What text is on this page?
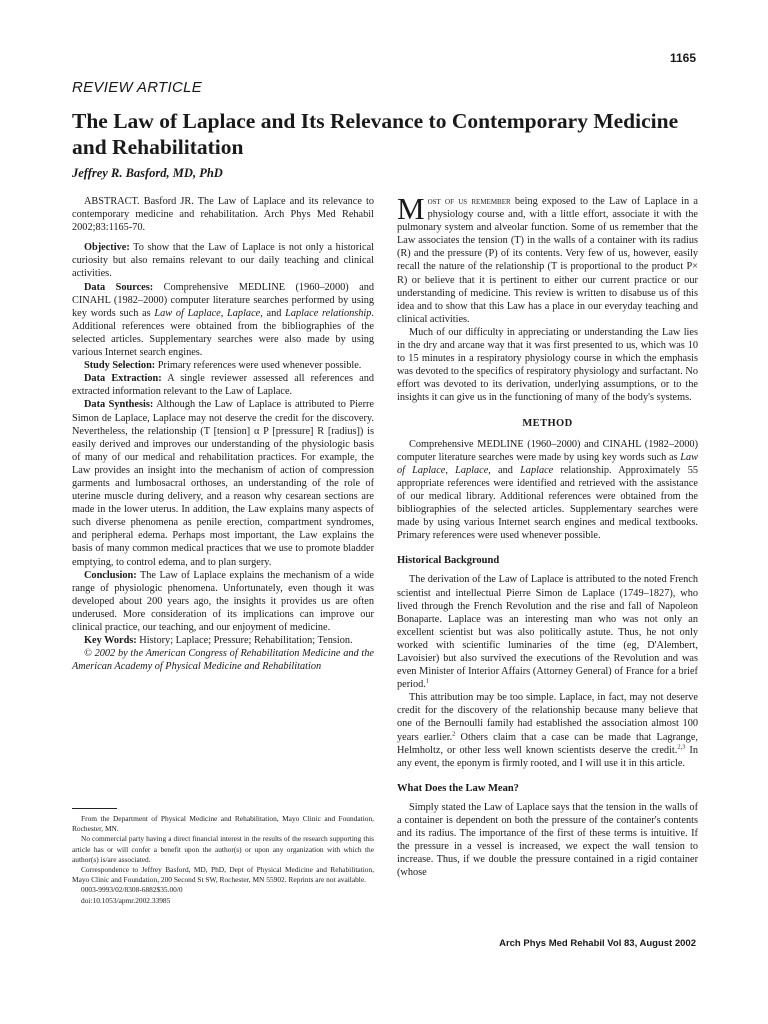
1165
REVIEW ARTICLE
The Law of Laplace and Its Relevance to Contemporary Medicine and Rehabilitation
Jeffrey R. Basford, MD, PhD

ABSTRACT. Basford JR. The Law of Laplace and its relevance to contemporary medicine and rehabilitation. Arch Phys Med Rehabil 2002;83:1165-70.

Objective: To show that the Law of Laplace is not only a historical curiosity but also remains relevant to our daily teaching and clinical activities.

Data Sources: Comprehensive MEDLINE (1960–2000) and CINAHL (1982–2000) computer literature searches performed by using key words such as Law of Laplace, Laplace, and Laplace relationship. Additional references were obtained from the bibliographies of the selected articles. Supplementary searches were also made by using various Internet search engines.

Study Selection: Primary references were used whenever possible.

Data Extraction: A single reviewer assessed all references and extracted information relevant to the Law of Laplace.

Data Synthesis: Although the Law of Laplace is attributed to Pierre Simon de Laplace, Laplace may not deserve the credit for the discovery. Nevertheless, the relationship (T [tension] α P [pressure] R [radius]) is easily derived and improves our understanding of the physiologic basis of many of our medical and rehabilitation practices. For example, the Law provides an insight into the mechanism of action of compression garments and lumbosacral orthoses, an understanding of the role of uterine muscle during delivery, and a reason why cesarean sections are made in the lower uterus. In addition, the Law explains many aspects of such diverse phenomena as penile erection, compartment syndromes, and peripheral edema. Perhaps most important, the Law explains the basis of many common medical practices that we use to promote bladder emptying, to control edema, and to plan surgery.

Conclusion: The Law of Laplace explains the mechanism of a wide range of physiologic phenomena. Unfortunately, even though it was developed about 200 years ago, the insights it provides us are often underused. More consideration of its implications can improve our clinical practice, our teaching, and our enjoyment of medicine.

Key Words: History; Laplace; Pressure; Rehabilitation; Tension.

© 2002 by the American Congress of Rehabilitation Medicine and the American Academy of Physical Medicine and Rehabilitation

From the Department of Physical Medicine and Rehabilitation, Mayo Clinic and Foundation, Rochester, MN.

No commercial party having a direct financial interest in the results of the research supporting this article has or will confer a benefit upon the author(s) or upon any organization with which the author(s) is/are associated.

Correspondence to Jeffrey Basford, MD, PhD, Dept of Physical Medicine and Rehabilitation, Mayo Clinic and Foundation, 200 Second St SW, Rochester, MN 55902. Reprints are not available.

0003-9993/02/8308-6882$35.00/0

doi:10.1053/apmr.2002.33985

Most of us remember being exposed to the Law of Laplace in a physiology course and, with a little effort, associate it with the pulmonary system and alveolar function. Some of us remember that the Law associates the tension (T) in the walls of a container with its radius (R) and the pressure (P) of its contents. Very few of us, however, easily recall the nature of the relationship (T is proportional to the product P× R) or believe that it is pertinent to either our current practice or our understanding of medicine. This review is written to disabuse us of this idea and to show that this Law has a place in our everyday teaching and clinical activities.

Much of our difficulty in appreciating or understanding the Law lies in the dry and arcane way that it was first presented to us, which was 10 to 15 minutes in a respiratory physiology course in which the emphasis was devoted to the specifics of respiratory physiology and surfactant. No effort was devoted to its derivation, underlying assumptions, or to the insights it can give us in the functioning of many of the body's systems.

METHOD

Comprehensive MEDLINE (1960–2000) and CINAHL (1982–2000) computer literature searches were made by using key words such as Law of Laplace, Laplace, and Laplace relationship. Approximately 55 appropriate references were identified and retrieved with the assistance of our medical library. Additional references were obtained from the bibliographies of the selected articles. Supplementary searches were made by using various Internet search engines and medical textbooks. Primary references were used whenever possible.

Historical Background

The derivation of the Law of Laplace is attributed to the noted French scientist and intellectual Pierre Simon de Laplace (1749–1827), who lived through the French Revolution and the rise and fall of Napoleon Bonaparte. Laplace was an interesting man who was not only an excellent scientist but was also politically astute. Thus, he not only worked with scientific luminaries of the time (eg, D'Alembert, Lavoisier) but also survived the executions of the Revolution and was even Minister of Interior Affairs (Attorney General) of France for a brief period.$^1$

This attribution may be too simple. Laplace, in fact, may not deserve credit for the discovery of the relationship because many believe that one of the Bernoulli family had established the association almost 100 years earlier.$^2$ Others claim that a case can be made that Lagrange, Helmholtz, or other less well known scientists deserve the credit.$^{2,3}$ In any event, the eponym is firmly rooted, and I will use it in this article.

What Does the Law Mean?

Simply stated the Law of Laplace says that the tension in the walls of a container is dependent on both the pressure of the container's contents and its radius. The importance of the first of these terms is intuitive. If the pressure in a vessel is increased, we expect the wall tension to increase. Thus, if we double the pressure contained in a rigid container (whose

Arch Phys Med Rehabil Vol 83, August 2002
